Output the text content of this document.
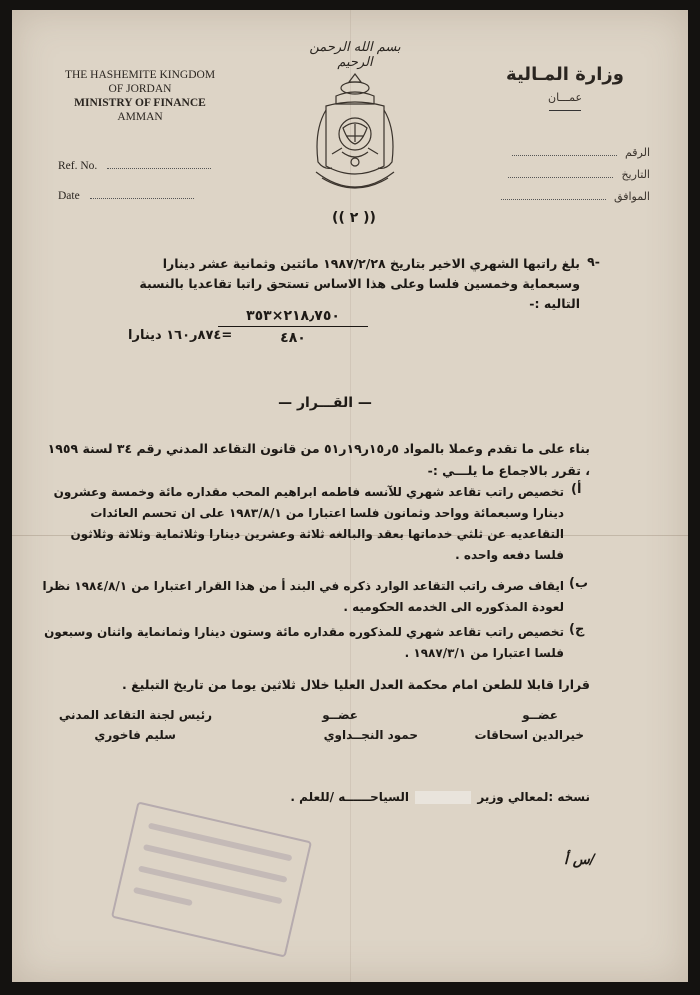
THE HASHEMITE KINGDOM
OF JORDAN
MINISTRY OF FINANCE
AMMAN
Ref. No.
Date
بسم الله الرحمن الرحيم
(( ٢ ))
وزارة المـالية
عمـــان
الرقم
التاريخ
الموافق
٩-
بلغ راتبها الشهري الاخير بتاريخ ١٩٨٧/٢/٢٨ مائتين وثمانية عشر دينارا وسبعماية وخمسين فلسا وعلى هذا الاساس تستحق راتبا تقاعديا بالنسبة التاليه :-
٢١٨٫٧٥٠×٣٥٣
٤٨٠
=٨٧٤ر١٦٠ دينارا
— القـــرار —
بناء على ما تقدم وعملا بالمواد ٥ر١٥ر١٩ر٥١ من قانون التقاعد المدني رقم ٣٤ لسنة ١٩٥٩ ، تقرر بالاجماع ما يلـــي :-
أ)
تخصيص راتب تقاعد شهري للآنسه فاطمه ابراهيم المحب مقداره مائة وخمسة وعشرون دينارا وسبعمائة وواحد وثمانون فلسا اعتبارا من ١٩٨٣/٨/١ على ان تحسم العائدات التقاعديه عن ثلثي خدماتها بعقد والبالغه ثلاثة وعشرين دينارا وثلاثماية وثلاثة وثلاثون فلسا دفعه واحده .
ب)
ايقاف صرف راتب التقاعد الوارد ذكره في البند أ من هذا القرار اعتبارا من ١٩٨٤/٨/١ نظرا لعودة المذكوره الى الخدمه الحكوميه .
ج)
تخصيص راتب تقاعد شهري للمذكوره مقداره مائة وستون دينارا وثمانماية واثنان وسبعون فلسا اعتبارا من ١٩٨٧/٣/١ .
قرارا قابلا للطعن امام محكمة العدل العليا خلال ثلاثين يوما من تاريخ التبليغ .
عضــو
خيرالدين اسحاقات
عضــو
حمود النجــداوي
رئيس لجنة التقاعد المدني
سليم فاخوري
نسخه :لمعالي وزير  السياحــــــه /للعلم .
/س أ
